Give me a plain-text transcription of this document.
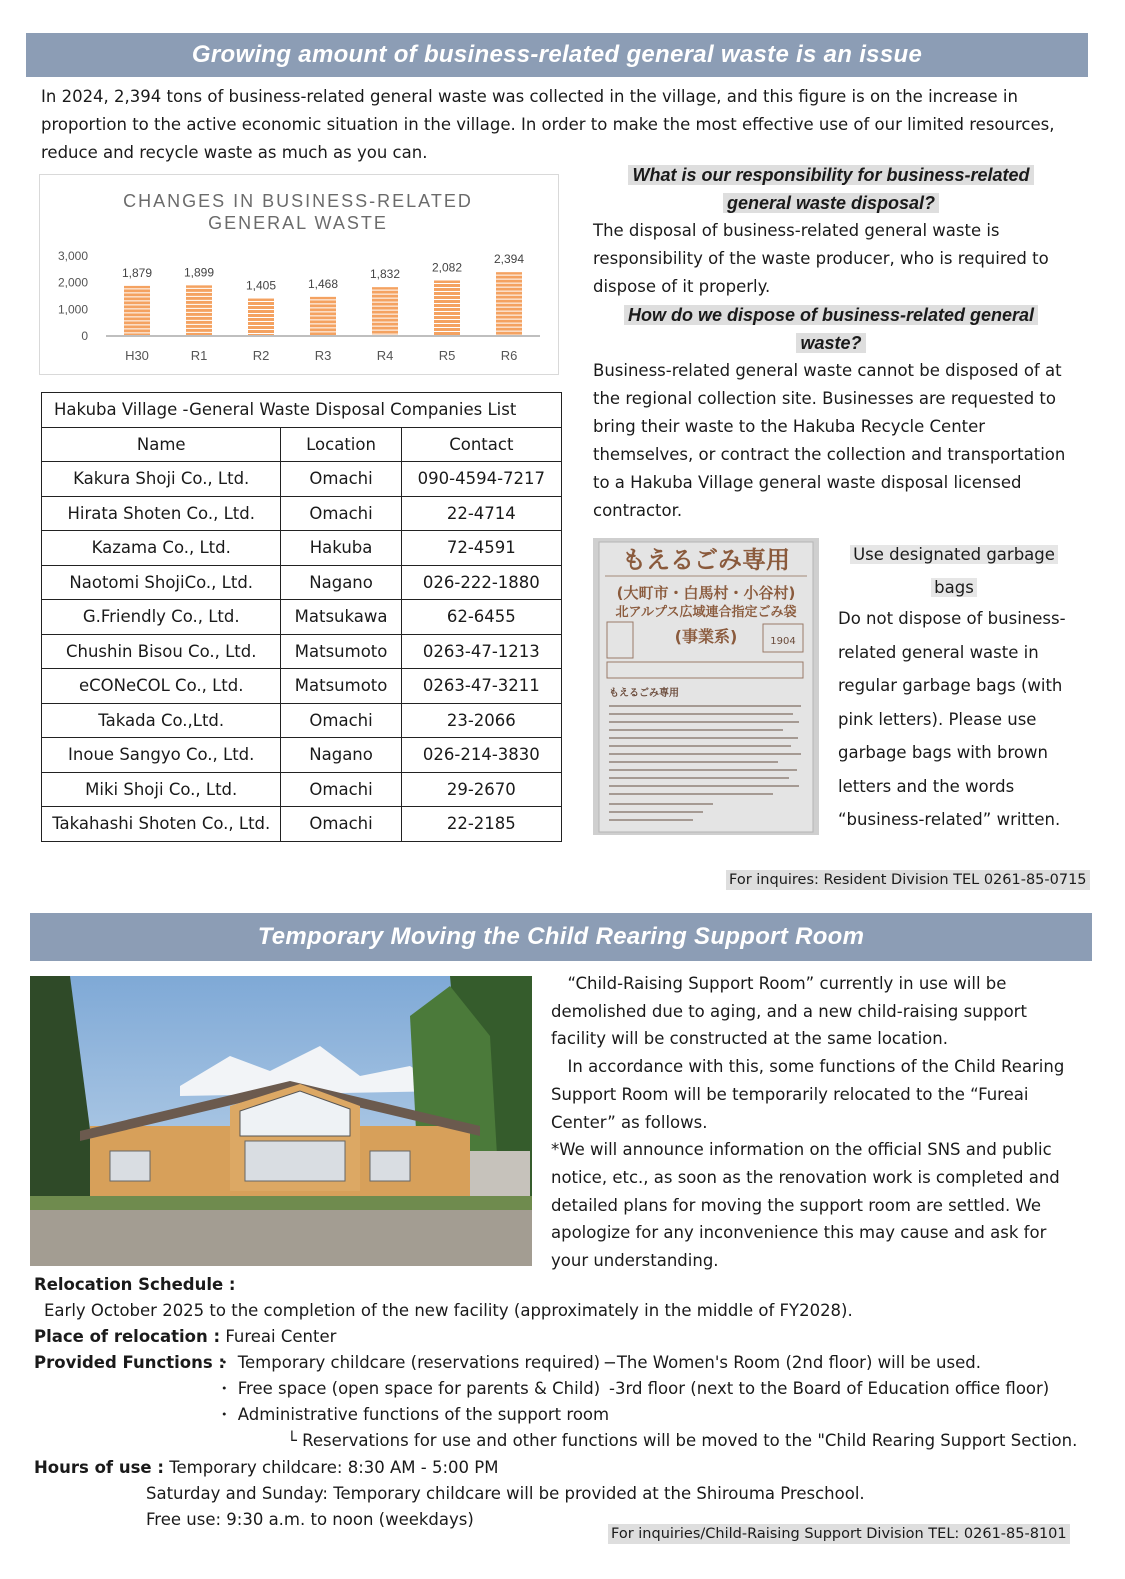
Growing amount of business-related general waste is an issue
In 2024, 2,394 tons of business-related general waste was collected in the village, and this figure is on the increase in proportion to the active economic situation in the village. In order to make the most effective use of our limited resources, reduce and recycle waste as much as you can.
CHANGES IN BUSINESS-RELATED
GENERAL WASTE
3,000
2,000
1,000
0
1,879
H30
1,899
R1
1,405
R2
1,468
R3
1,832
R4
2,082
R5
2,394
R6
Hakuba Village -General Waste Disposal Companies List		
Name	Location	Contact
Kakura Shoji Co., Ltd.	Omachi	090-4594-7217
Hirata Shoten Co., Ltd.	Omachi	22-4714
Kazama Co., Ltd.	Hakuba	72-4591
Naotomi ShojiCo., Ltd.	Nagano	026-222-1880
G.Friendly Co., Ltd.	Matsukawa	62-6455
Chushin Bisou Co., Ltd.	Matsumoto	0263-47-1213
eCONeCOL Co., Ltd.	Matsumoto	0263-47-3211
Takada Co.,Ltd.	Omachi	23-2066
Inoue Sangyo Co., Ltd.	Nagano	026-214-3830
Miki Shoji Co., Ltd.	Omachi	29-2670
Takahashi Shoten Co., Ltd.	Omachi	22-2185
What is our responsibility for business-related
general waste disposal?
The disposal of business-related general waste is responsibility of the waste producer, who is required to dispose of it properly.
How do we dispose of business-related general
waste?
Business-related general waste cannot be disposed of at the regional collection site. Businesses are requested to bring their waste to the Hakuba Recycle Center themselves, or contract the collection and transportation to a Hakuba Village general waste disposal licensed contractor.
もえるごみ専用
(大町市・白馬村・小谷村)
北アルプス広域連合指定ごみ袋
1904
(事業系)
もえるごみ専用
Use designated garbage
bags
Do not dispose of business-related general waste in regular garbage bags (with pink letters). Please use garbage bags with brown letters and the words “business-related” written.
For inquires: Resident Division TEL 0261-85-0715
Temporary Moving the Child Rearing Support Room

　“Child-Raising Support Room” currently in use will be demolished due to aging, and a new child-raising support facility will be constructed at the same location.

　In accordance with this, some functions of the Child Rearing Support Room will be temporarily relocated to the “Fureai Center” as follows.

*We will announce information on the official SNS and public notice, etc., as soon as the renovation work is completed and detailed plans for moving the support room are settled. We apologize for any inconvenience this may cause and ask for your understanding.

Relocation Schedule :
Early October 2025 to the completion of the new facility (approximately in the middle of FY2028).
Place of relocation : Fureai Center
Provided Functions :
・ Temporary childcare (reservations required) −The Women's Room (2nd floor) will be used.
・ Free space (open space for parents & Child) -3rd floor (next to the Board of Education office floor)
・ Administrative functions of the support room
└ Reservations for use and other functions will be moved to the "Child Rearing Support Section.
Hours of use : Temporary childcare: 8:30 AM - 5:00 PM
Saturday and Sunday: Temporary childcare will be provided at the Shirouma Preschool.
Free use: 9:30 a.m. to noon (weekdays)
For inquiries/Child-Raising Support Division TEL: 0261-85-8101
